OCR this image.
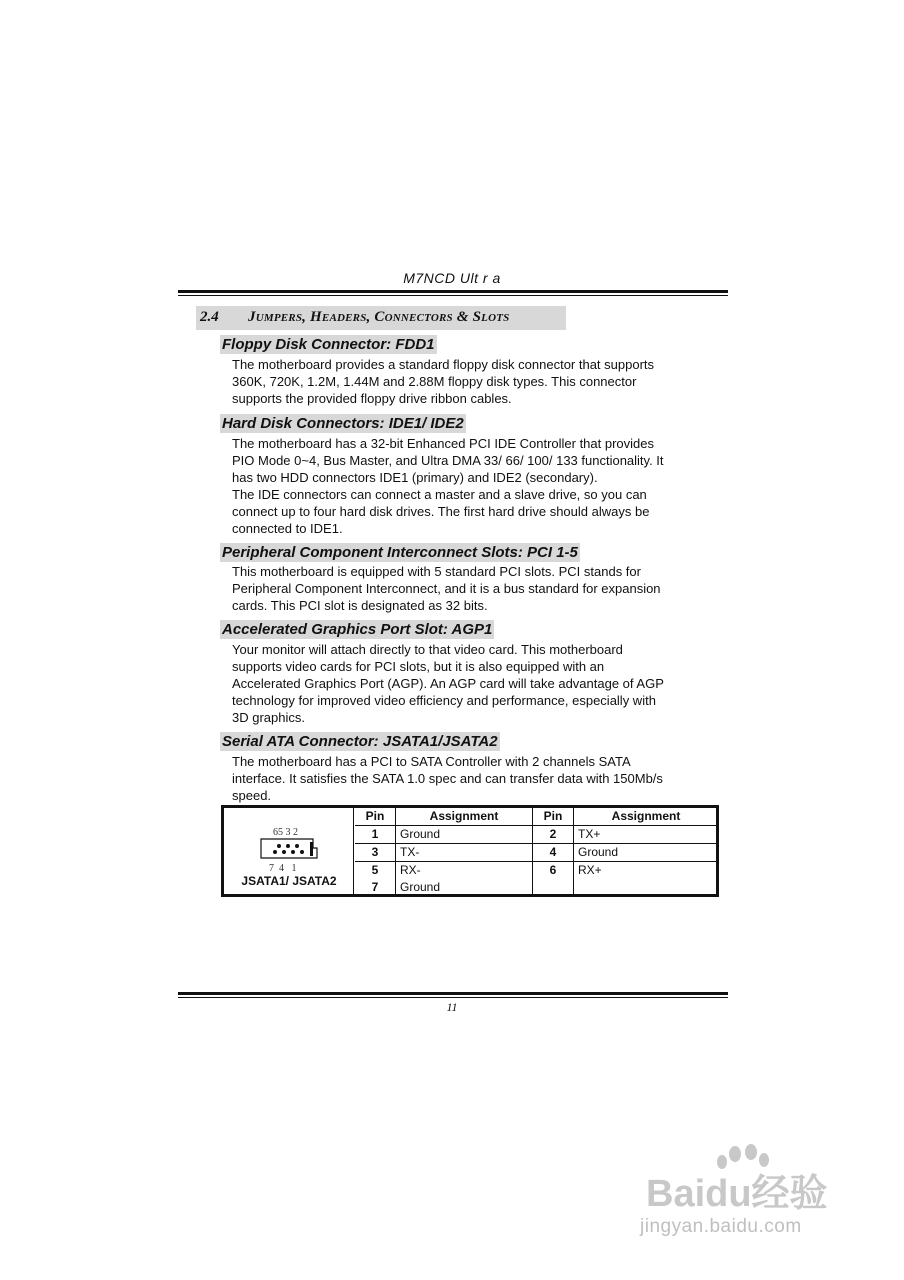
M7NCD Ult r a
2.4 Jumpers, Headers, Connectors & Slots
Floppy Disk Connector: FDD1

The motherboard provides a standard floppy disk connector that supports

360K, 720K, 1.2M, 1.44M and 2.88M floppy disk types. This connector

supports the provided floppy drive ribbon cables.

Hard Disk Connectors: IDE1/ IDE2

The motherboard has a 32-bit Enhanced PCI IDE Controller that provides

PIO Mode 0~4, Bus Master, and Ultra DMA 33/ 66/ 100/ 133 functionality. It

has two HDD connectors IDE1 (primary) and IDE2 (secondary).

The IDE connectors can connect a master and a slave drive, so you can

connect up to four hard disk drives. The first hard drive should always be

connected to IDE1.

Peripheral Component Interconnect Slots: PCI 1-5

This motherboard is equipped with 5 standard PCI slots. PCI stands for

Peripheral Component Interconnect, and it is a bus standard for expansion

cards. This PCI slot is designated as 32 bits.

Accelerated Graphics Port Slot: AGP1

Your monitor will attach directly to that video card. This motherboard

supports video cards for PCI slots, but it is also equipped with an

Accelerated Graphics Port (AGP). An AGP card will take advantage of AGP

technology for improved video efficiency and performance, especially with

3D graphics.

Serial ATA Connector: JSATA1/JSATA2

The motherboard has a PCI to SATA Controller with 2 channels SATA

interface. It satisfies the SATA 1.0 spec and can transfer data with 150Mb/s

speed.

65 3 2
7  4   1
JSATA1/ JSATA2
Pin	Assignment	Pin	Assignment
1	Ground	2	TX+
3	TX-	4	Ground
5	RX-	6	RX+
7	Ground		
11
Baidu经验
jingyan.baidu.com
